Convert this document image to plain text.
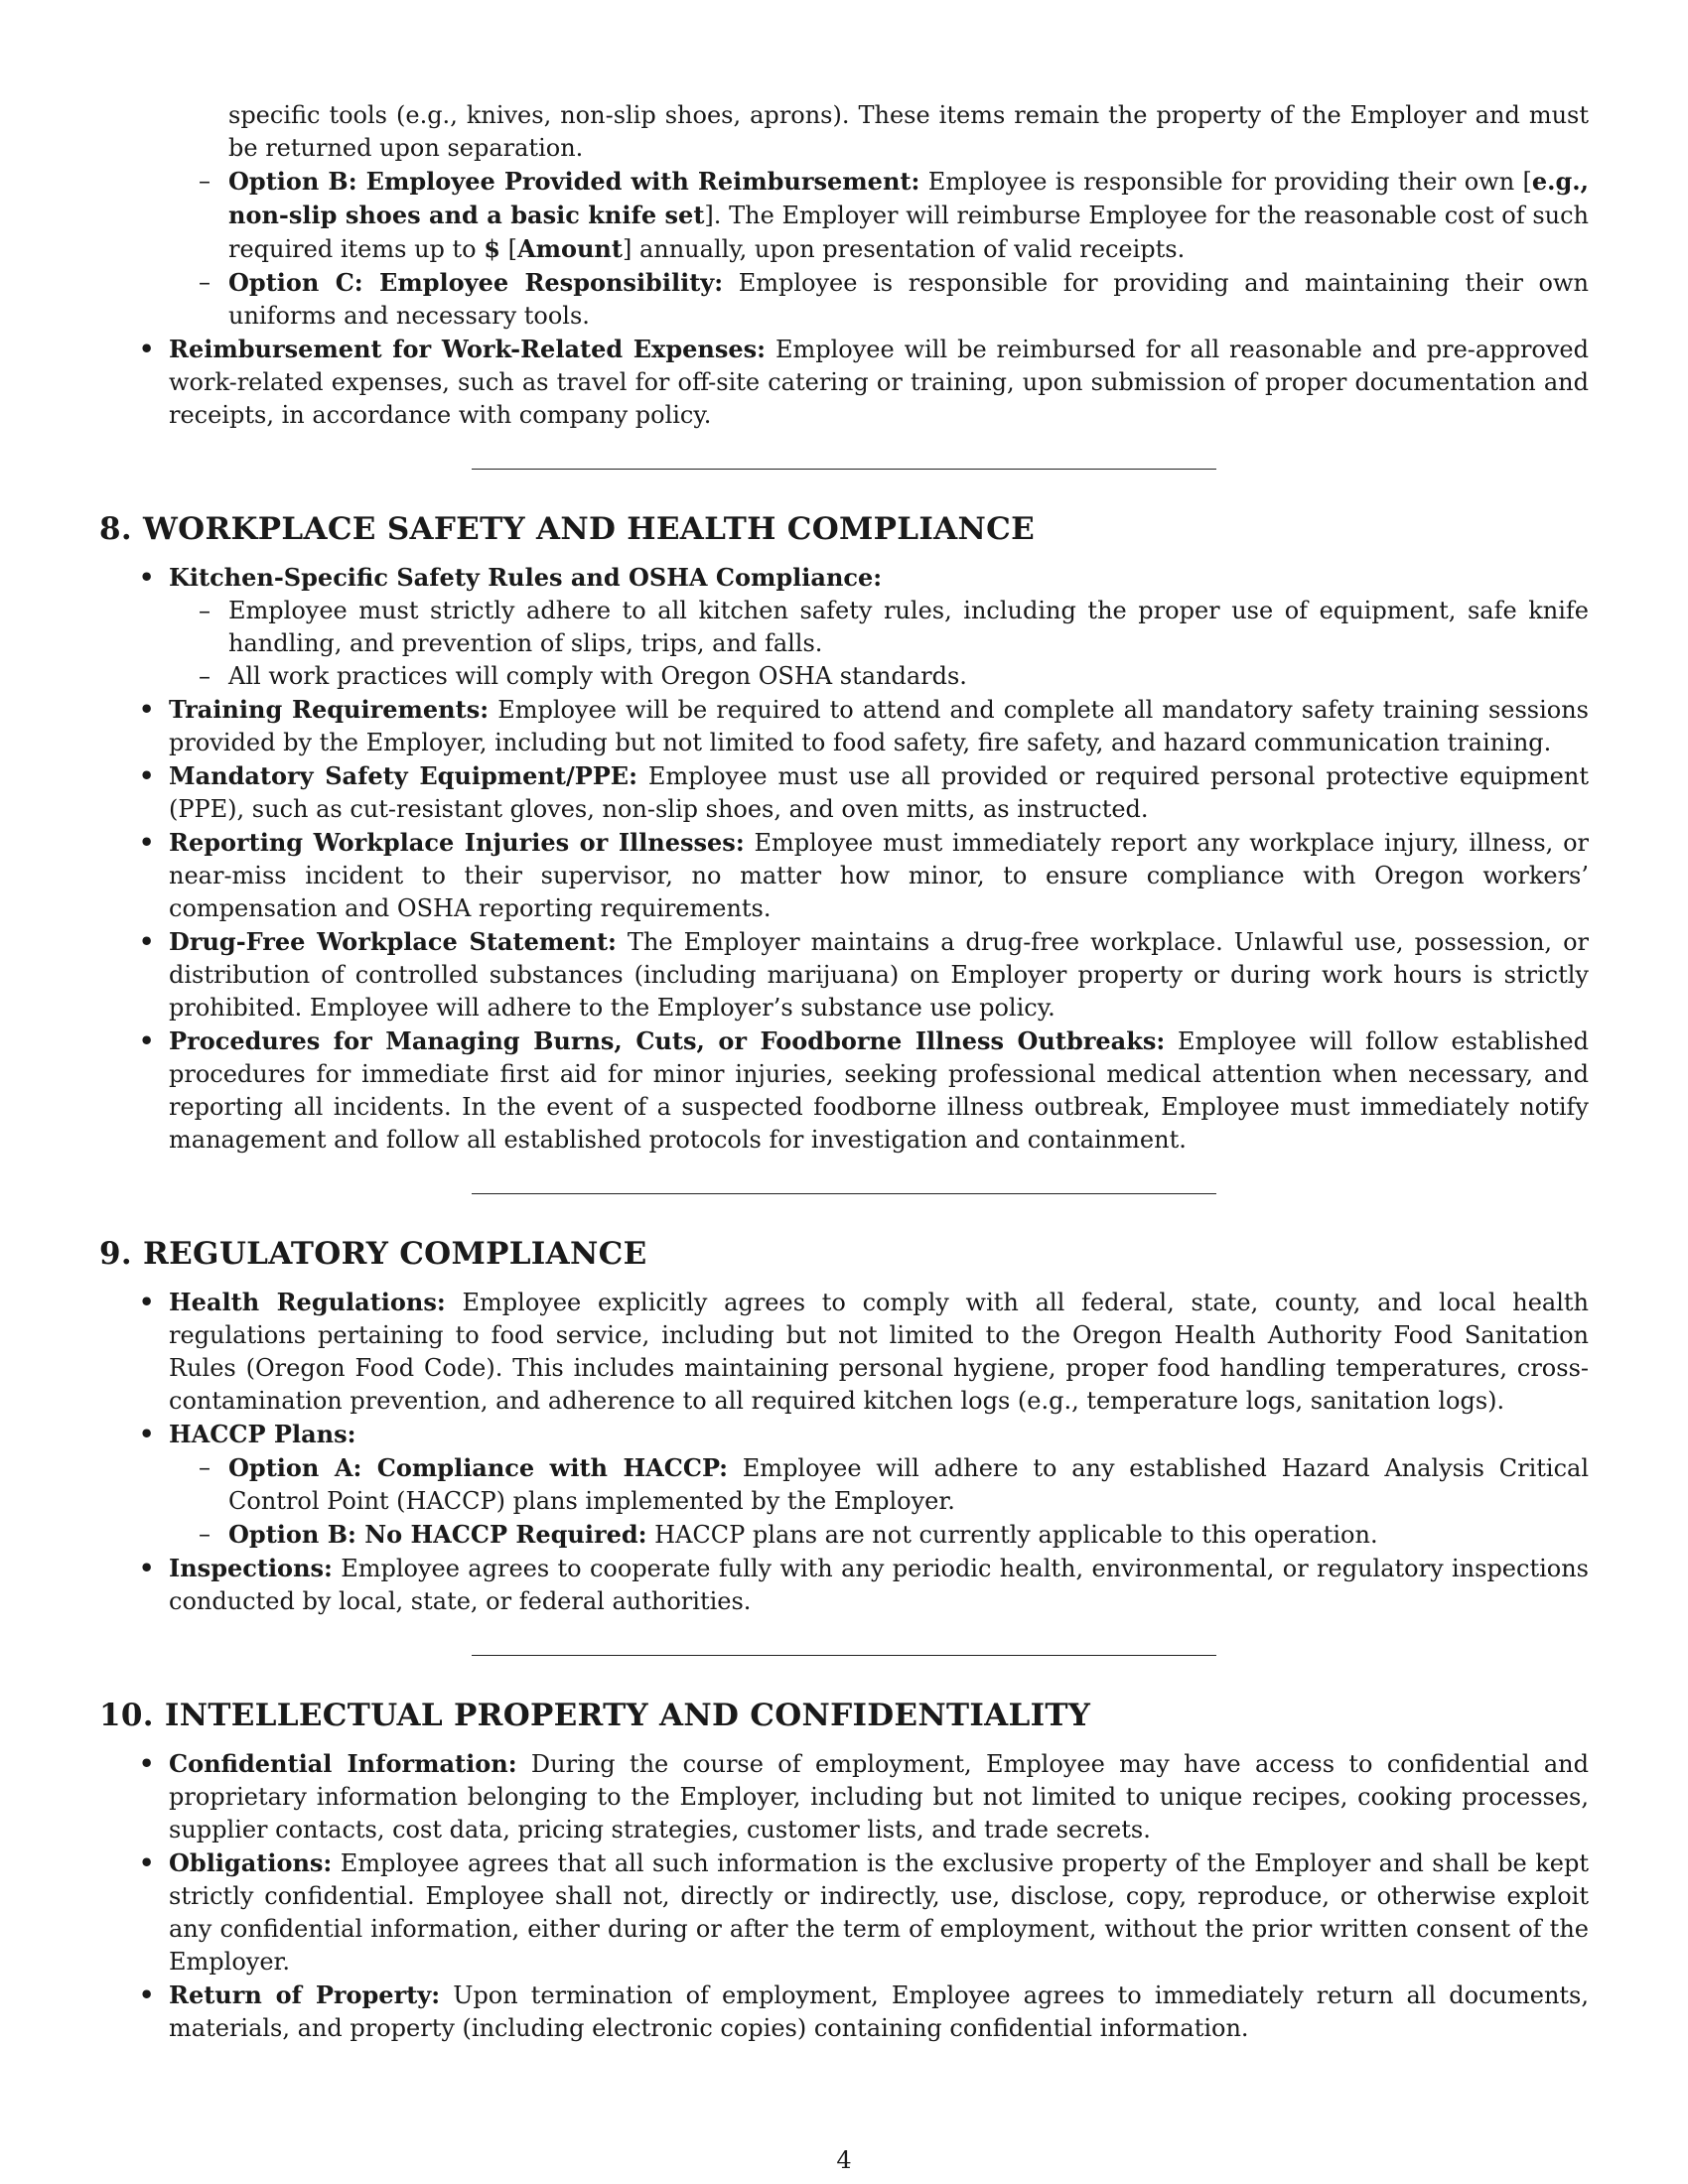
specific tools (e.g., knives, non-slip shoes, aprons). These items remain the property of the Employer and must be returned upon separation.
– Option B: Employee Provided with Reimbursement: Employee is responsible for providing their own [e.g., non-slip shoes and a basic knife set]. The Employer will reimburse Employee for the reasonable cost of such required items up to $ [Amount] annually, upon presentation of valid receipts.
– Option C: Employee Responsibility: Employee is responsible for providing and maintaining their own uniforms and necessary tools.
• Reimbursement for Work-Related Expenses: Employee will be reimbursed for all reasonable and pre-approved work-related expenses, such as travel for off-site catering or training, upon submission of proper documentation and receipts, in accordance with company policy.
8. WORKPLACE SAFETY AND HEALTH COMPLIANCE
• Kitchen-Specific Safety Rules and OSHA Compliance:
– Employee must strictly adhere to all kitchen safety rules, including the proper use of equipment, safe knife handling, and prevention of slips, trips, and falls.
– All work practices will comply with Oregon OSHA standards.
• Training Requirements: Employee will be required to attend and complete all mandatory safety training sessions provided by the Employer, including but not limited to food safety, fire safety, and hazard communication training.
• Mandatory Safety Equipment/PPE: Employee must use all provided or required personal protective equipment (PPE), such as cut-resistant gloves, non-slip shoes, and oven mitts, as instructed.
• Reporting Workplace Injuries or Illnesses: Employee must immediately report any workplace injury, illness, or near-miss incident to their supervisor, no matter how minor, to ensure compliance with Oregon workers’ compensation and OSHA reporting requirements.
• Drug-Free Workplace Statement: The Employer maintains a drug-free workplace. Unlawful use, possession, or distribution of controlled substances (including marijuana) on Employer property or during work hours is strictly prohibited. Employee will adhere to the Employer’s substance use policy.
• Procedures for Managing Burns, Cuts, or Foodborne Illness Outbreaks: Employee will follow established procedures for immediate first aid for minor injuries, seeking professional medical attention when necessary, and reporting all incidents. In the event of a suspected foodborne illness outbreak, Employee must immediately notify management and follow all established protocols for investigation and containment.
9. REGULATORY COMPLIANCE
• Health Regulations: Employee explicitly agrees to comply with all federal, state, county, and local health regulations pertaining to food service, including but not limited to the Oregon Health Authority Food Sanitation Rules (Oregon Food Code). This includes maintaining personal hygiene, proper food handling temperatures, cross-contamination prevention, and adherence to all required kitchen logs (e.g., temperature logs, sanitation logs).
• HACCP Plans:
– Option A: Compliance with HACCP: Employee will adhere to any established Hazard Analysis Critical Control Point (HACCP) plans implemented by the Employer.
– Option B: No HACCP Required: HACCP plans are not currently applicable to this operation.
• Inspections: Employee agrees to cooperate fully with any periodic health, environmental, or regulatory inspections conducted by local, state, or federal authorities.
10. INTELLECTUAL PROPERTY AND CONFIDENTIALITY
• Confidential Information: During the course of employment, Employee may have access to confidential and proprietary information belonging to the Employer, including but not limited to unique recipes, cooking processes, supplier contacts, cost data, pricing strategies, customer lists, and trade secrets.
• Obligations: Employee agrees that all such information is the exclusive property of the Employer and shall be kept strictly confidential. Employee shall not, directly or indirectly, use, disclose, copy, reproduce, or otherwise exploit any confidential information, either during or after the term of employment, without the prior written consent of the Employer.
• Return of Property: Upon termination of employment, Employee agrees to immediately return all documents, materials, and property (including electronic copies) containing confidential information.
4
